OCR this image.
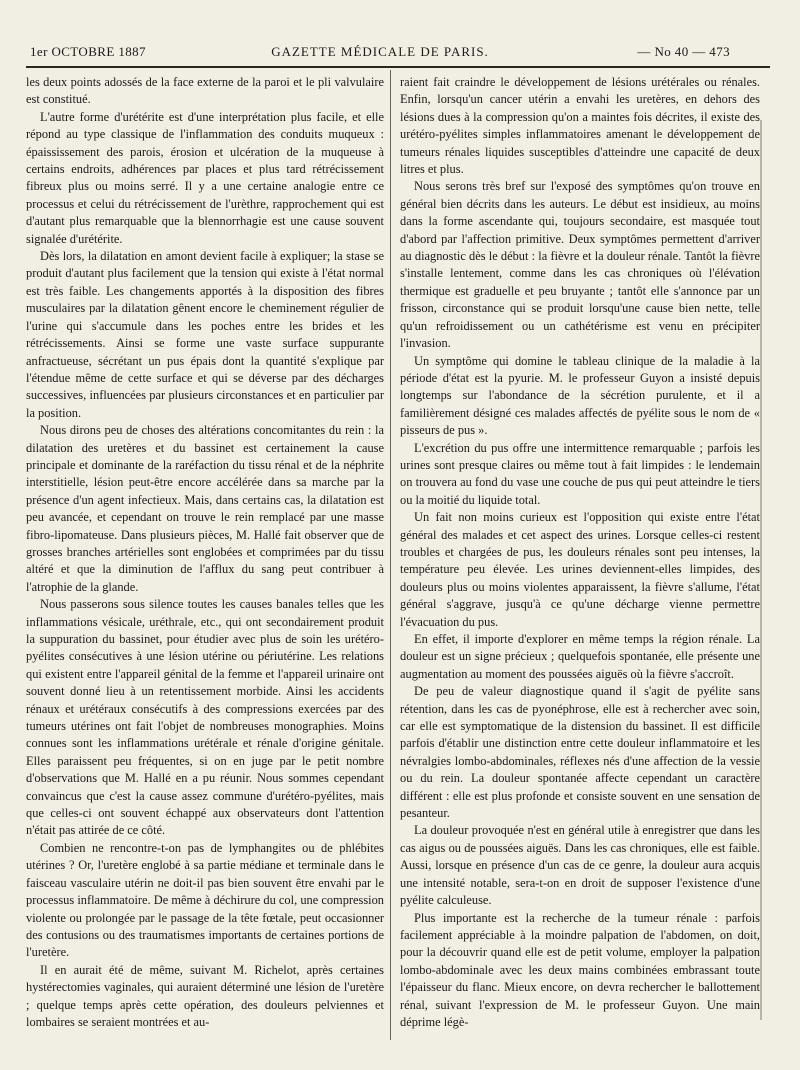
1er OCTOBRE 1887	GAZETTE MÉDICALE DE PARIS.	— No 40 — 473

les deux points adossés de la face externe de la paroi et le pli valvulaire est constitué.

L'autre forme d'urétérite est d'une interprétation plus facile, et elle répond au type classique de l'inflammation des conduits muqueux : épaississement des parois, érosion et ulcération de la muqueuse à certains endroits, adhérences par places et plus tard rétrécissement fibreux plus ou moins serré. Il y a une certaine analogie entre ce processus et celui du rétrécissement de l'urèthre, rapprochement qui est d'autant plus remarquable que la blennorrhagie est une cause souvent signalée d'urétérite.

Dès lors, la dilatation en amont devient facile à expliquer; la stase se produit d'autant plus facilement que la tension qui existe à l'état normal est très faible. Les changements apportés à la disposition des fibres musculaires par la dilatation gênent encore le cheminement régulier de l'urine qui s'accumule dans les poches entre les brides et les rétrécissements. Ainsi se forme une vaste surface suppurante anfractueuse, sécrétant un pus épais dont la quantité s'explique par l'étendue même de cette surface et qui se déverse par des décharges successives, influencées par plusieurs circonstances et en particulier par la position.

Nous dirons peu de choses des altérations concomitantes du rein : la dilatation des uretères et du bassinet est certainement la cause principale et dominante de la raréfaction du tissu rénal et de la néphrite interstitielle, lésion peut-être encore accélérée dans sa marche par la présence d'un agent infectieux. Mais, dans certains cas, la dilatation est peu avancée, et cependant on trouve le rein remplacé par une masse fibro-lipomateuse. Dans plusieurs pièces, M. Hallé fait observer que de grosses branches artérielles sont englobées et comprimées par du tissu altéré et que la diminution de l'afflux du sang peut contribuer à l'atrophie de la glande.

Nous passerons sous silence toutes les causes banales telles que les inflammations vésicale, uréthrale, etc., qui ont secondairement produit la suppuration du bassinet, pour étudier avec plus de soin les urétéro-pyélites consécutives à une lésion utérine ou périutérine. Les relations qui existent entre l'appareil génital de la femme et l'appareil urinaire ont souvent donné lieu à un retentissement morbide. Ainsi les accidents rénaux et urétéraux consécutifs à des compressions exercées par des tumeurs utérines ont fait l'objet de nombreuses monographies. Moins connues sont les inflammations urétérale et rénale d'origine génitale. Elles paraissent peu fréquentes, si on en juge par le petit nombre d'observations que M. Hallé en a pu réunir. Nous sommes cependant convaincus que c'est la cause assez commune d'urétéro-pyélites, mais que celles-ci ont souvent échappé aux observateurs dont l'attention n'était pas attirée de ce côté.

Combien ne rencontre-t-on pas de lymphangites ou de phlébites utérines ? Or, l'uretère englobé à sa partie médiane et terminale dans le faisceau vasculaire utérin ne doit-il pas bien souvent être envahi par le processus inflammatoire. De même à déchirure du col, une compression violente ou prolongée par le passage de la tête fœtale, peut occasionner des contusions ou des traumatismes importants de certaines portions de l'uretère.

Il en aurait été de même, suivant M. Richelot, après certaines hystérectomies vaginales, qui auraient déterminé une lésion de l'uretère ; quelque temps après cette opération, des douleurs pelviennes et lombaires se seraient montrées et au-

raient fait craindre le développement de lésions urétérales ou rénales. Enfin, lorsqu'un cancer utérin a envahi les uretères, en dehors des lésions dues à la compression qu'on a maintes fois décrites, il existe des urétéro-pyélites simples inflammatoires amenant le développement de tumeurs rénales liquides susceptibles d'atteindre une capacité de deux litres et plus.

Nous serons très bref sur l'exposé des symptômes qu'on trouve en général bien décrits dans les auteurs. Le début est insidieux, au moins dans la forme ascendante qui, toujours secondaire, est masquée tout d'abord par l'affection primitive. Deux symptômes permettent d'arriver au diagnostic dès le début : la fièvre et la douleur rénale. Tantôt la fièvre s'installe lentement, comme dans les cas chroniques où l'élévation thermique est graduelle et peu bruyante ; tantôt elle s'annonce par un frisson, circonstance qui se produit lorsqu'une cause bien nette, telle qu'un refroidissement ou un cathétérisme est venu en précipiter l'invasion.

Un symptôme qui domine le tableau clinique de la maladie à la période d'état est la pyurie. M. le professeur Guyon a insisté depuis longtemps sur l'abondance de la sécrétion purulente, et il a familièrement désigné ces malades affectés de pyélite sous le nom de « pisseurs de pus ».

L'excrétion du pus offre une intermittence remarquable ; parfois les urines sont presque claires ou même tout à fait limpides : le lendemain on trouvera au fond du vase une couche de pus qui peut atteindre le tiers ou la moitié du liquide total.

Un fait non moins curieux est l'opposition qui existe entre l'état général des malades et cet aspect des urines. Lorsque celles-ci restent troubles et chargées de pus, les douleurs rénales sont peu intenses, la température peu élevée. Les urines deviennent-elles limpides, des douleurs plus ou moins violentes apparaissent, la fièvre s'allume, l'état général s'aggrave, jusqu'à ce qu'une décharge vienne permettre l'évacuation du pus.

En effet, il importe d'explorer en même temps la région rénale. La douleur est un signe précieux ; quelquefois spontanée, elle présente une augmentation au moment des poussées aiguës où la fièvre s'accroît.

De peu de valeur diagnostique quand il s'agit de pyélite sans rétention, dans les cas de pyonéphrose, elle est à rechercher avec soin, car elle est symptomatique de la distension du bassinet. Il est difficile parfois d'établir une distinction entre cette douleur inflammatoire et les névralgies lombo-abdominales, réflexes nés d'une affection de la vessie ou du rein. La douleur spontanée affecte cependant un caractère différent : elle est plus profonde et consiste souvent en une sensation de pesanteur.

La douleur provoquée n'est en général utile à enregistrer que dans les cas aigus ou de poussées aiguës. Dans les cas chroniques, elle est faible. Aussi, lorsque en présence d'un cas de ce genre, la douleur aura acquis une intensité notable, sera-t-on en droit de supposer l'existence d'une pyélite calculeuse.

Plus importante est la recherche de la tumeur rénale : parfois facilement appréciable à la moindre palpation de l'abdomen, on doit, pour la découvrir quand elle est de petit volume, employer la palpation lombo-abdominale avec les deux mains combinées embrassant toute l'épaisseur du flanc. Mieux encore, on devra rechercher le ballottement rénal, suivant l'expression de M. le professeur Guyon. Une main déprime légè-
